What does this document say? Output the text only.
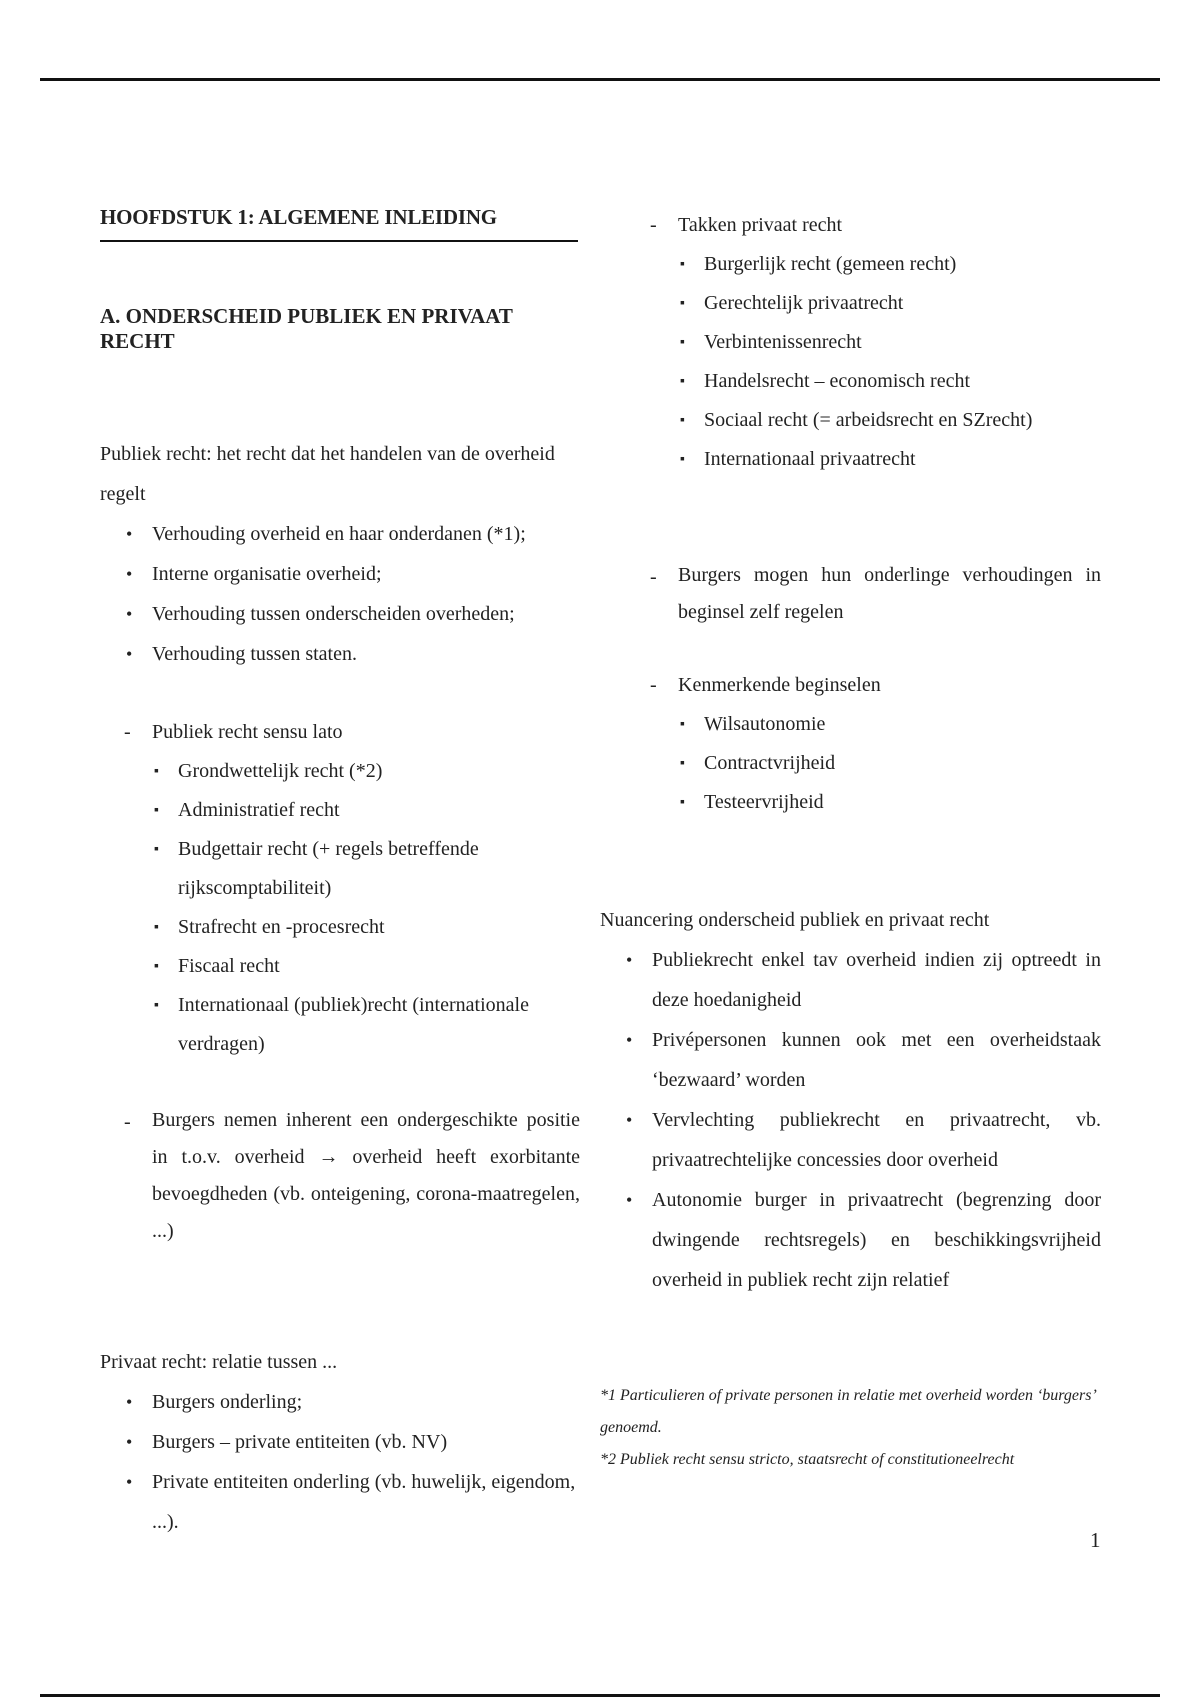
HOOFDSTUK 1: ALGEMENE INLEIDING

A. ONDERSCHEID PUBLIEK EN PRIVAAT RECHT

Publiek recht: het recht dat het handelen van de overheid regelt

• Verhouding overheid en haar onderdanen (*1);
• Interne organisatie overheid;
• Verhouding tussen onderscheiden overheden;
• Verhouding tussen staten.
- Publiek recht sensu lato

▪ Grondwettelijk recht (*2)
▪ Administratief recht
▪ Budgettair recht (+ regels betreffende rijkscomptabiliteit)
▪ Strafrecht en -procesrecht
▪ Fiscaal recht
▪ Internationaal (publiek)recht (internationale verdragen)
- Burgers nemen inherent een ondergeschikte positie in t.o.v. overheid → overheid heeft exorbitante bevoegdheden (vb. onteigening, corona-maatregelen, ...)

Privaat recht: relatie tussen ...

• Burgers onderling;
• Burgers – private entiteiten (vb. NV)
• Private entiteiten onderling (vb. huwelijk, eigendom, ...).
- Takken privaat recht

▪ Burgerlijk recht (gemeen recht)
▪ Gerechtelijk privaatrecht
▪ Verbintenissenrecht
▪ Handelsrecht – economisch recht
▪ Sociaal recht (= arbeidsrecht en SZrecht)
▪ Internationaal privaatrecht
- Burgers mogen hun onderlinge verhoudingen in beginsel zelf regelen

- Kenmerkende beginselen

▪ Wilsautonomie
▪ Contractvrijheid
▪ Testeervrijheid

Nuancering onderscheid publiek en privaat recht

• Publiekrecht enkel tav overheid indien zij optreedt in deze hoedanigheid
• Privépersonen kunnen ook met een overheidstaak ‘bezwaard’ worden
• Vervlechting publiekrecht en privaatrecht, vb. privaatrechtelijke concessies door overheid
• Autonomie burger in privaatrecht (begrenzing door dwingende rechtsregels) en beschikkingsvrijheid overheid in publiek recht zijn relatief

*1 Particulieren of private personen in relatie met overheid worden ‘burgers’ genoemd.

*2 Publiek recht sensu stricto, staatsrecht of constitutioneelrecht

1
